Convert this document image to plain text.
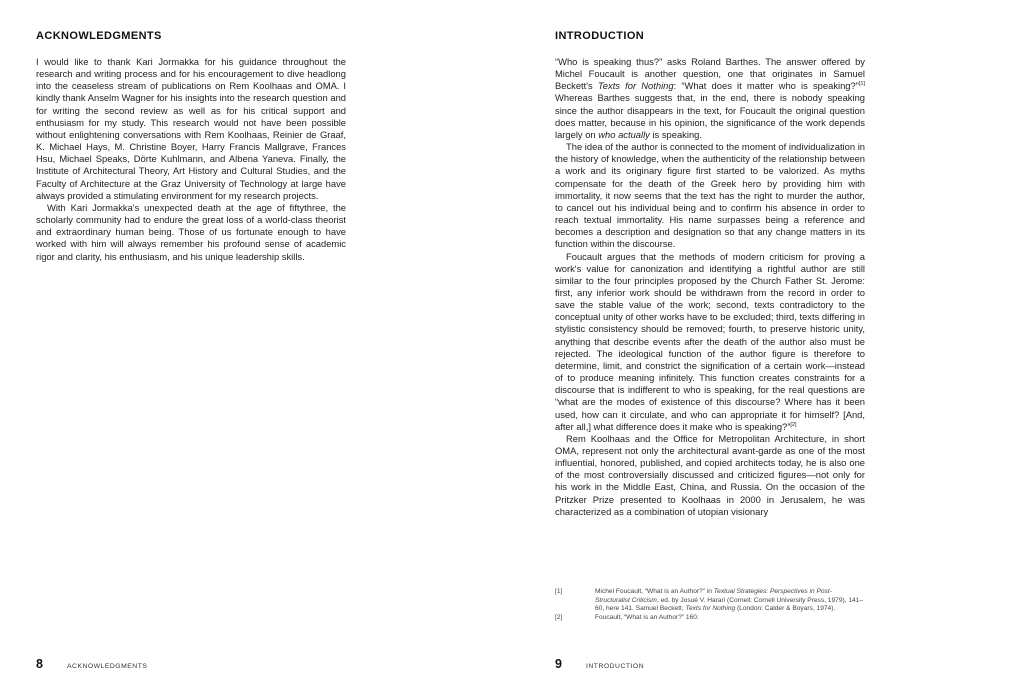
ACKNOWLEDGMENTS

I would like to thank Kari Jormakka for his guidance throughout the research and writing process and for his encouragement to dive headlong into the ceaseless stream of publications on Rem Koolhaas and OMA. I kindly thank Anselm Wagner for his insights into the research question and for writing the second review as well as for his critical support and enthusiasm for my study. This research would not have been possible without enlightening conversations with Rem Koolhaas, Reinier de Graaf, K. Michael Hays, M. Christine Boyer, Harry Francis Mallgrave, Frances Hsu, Michael Speaks, Dörte Kuhlmann, and Albena Yaneva. Finally, the Institute of Architectural Theory, Art History and Cultural Studies, and the Faculty of Architecture at the Graz University of Technology at large have always provided a stimulating environment for my research projects.

With Kari Jormakka's unexpected death at the age of fiftythree, the scholarly community had to endure the great loss of a world-class theorist and extraordinary human being. Those of us fortunate enough to have worked with him will always remember his profound sense of academic rigor and clarity, his enthusiasm, and his unique leadership skills.

8	ACKNOWLEDGMENTS
INTRODUCTION

“Who is speaking thus?” asks Roland Barthes. The answer offered by Michel Foucault is another question, one that originates in Samuel Beckett's Texts for Nothing: “What does it matter who is speaking?”[1] Whereas Barthes suggests that, in the end, there is nobody speaking since the author disappears in the text, for Foucault the original question does matter, because in his opinion, the significance of the work depends largely on who actually is speaking.

The idea of the author is connected to the moment of individualization in the history of knowledge, when the authenticity of the relationship between a work and its originary figure first started to be valorized. As myths compensate for the death of the Greek hero by providing him with immortality, it now seems that the text has the right to murder the author, to cancel out his individual being and to confirm his absence in order to reach textual immortality. His name surpasses being a reference and becomes a description and designation so that any change matters in its function within the discourse.

Foucault argues that the methods of modern criticism for proving a work's value for canonization and identifying a rightful author are still similar to the four principles proposed by the Church Father St. Jerome: first, any inferior work should be withdrawn from the record in order to save the stable value of the work; second, texts contradictory to the conceptual unity of other works have to be excluded; third, texts differing in stylistic consistency should be removed; fourth, to preserve historic unity, anything that describe events after the death of the author also must be rejected. The ideological function of the author figure is therefore to determine, limit, and constrict the signification of a certain work—instead of to produce meaning infinitely. This function creates constraints for a discourse that is indifferent to who is speaking, for the real questions are “what are the modes of existence of this discourse? Where has it been used, how can it circulate, and who can appropriate it for himself? [And, after all,] what difference does it make who is speaking?”[2]

Rem Koolhaas and the Office for Metropolitan Architecture, in short OMA, represent not only the architectural avant-garde as one of the most influential, honored, published, and copied architects today, he is also one of the most controversially discussed and criticized figures—not only for his work in the Middle East, China, and Russia. On the occasion of the Pritzker Prize presented to Koolhaas in 2000 in Jerusalem, he was characterized as a combination of utopian visionary

[1]	Michel Foucault, “What is an Author?” in Textual Strategies: Perspectives in Post-Structuralist Criticism, ed. by Josué V. Harari (Cornell: Cornell University Press, 1979), 141–60, here 141. Samuel Beckett, Texts for Nothing (London: Calder & Boyars, 1974).
[2]	Foucault, “What is an Author?” 160.
9	INTRODUCTION
